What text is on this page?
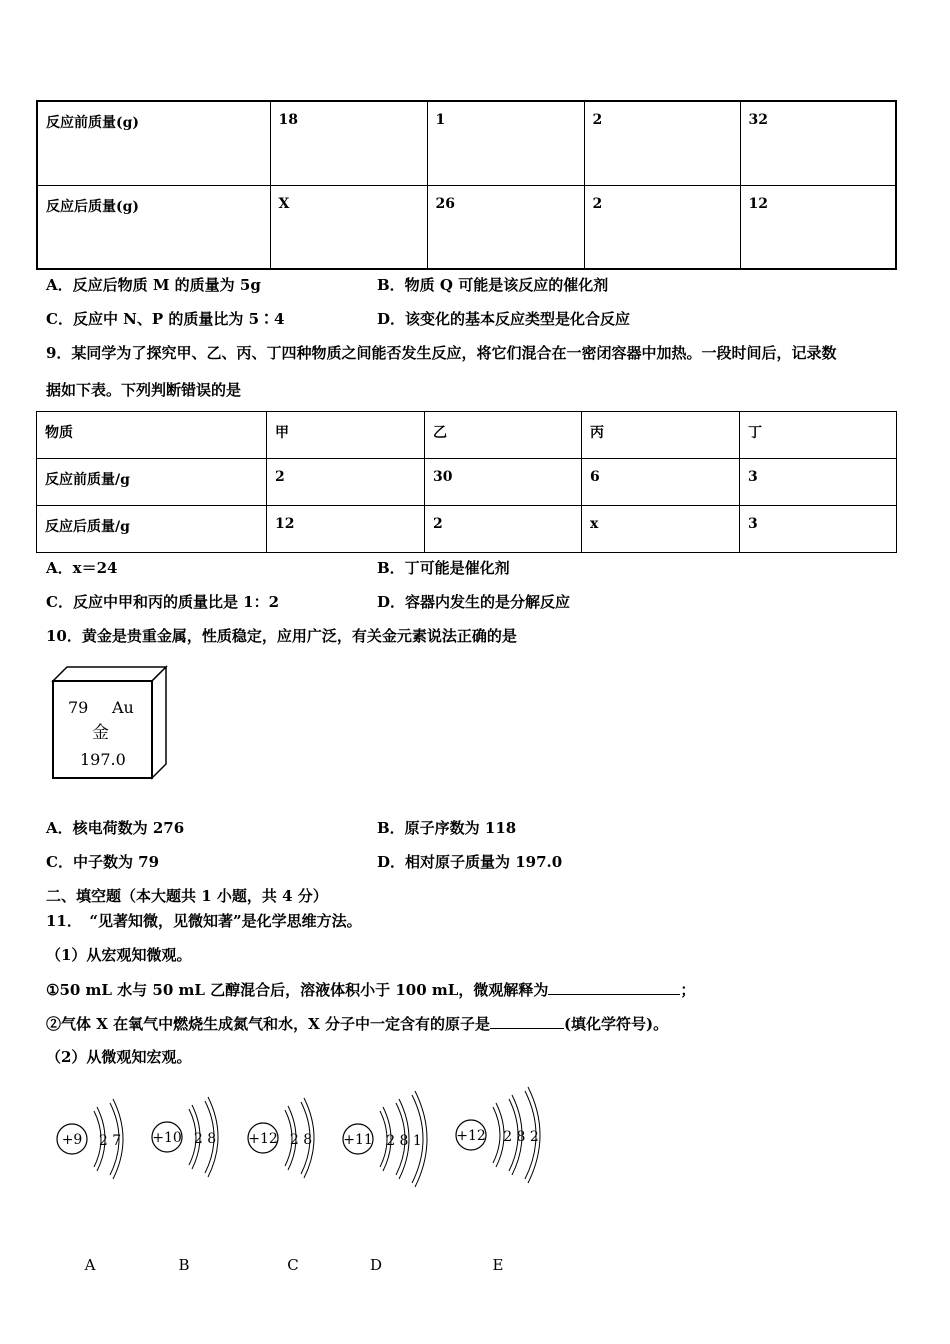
反应前质量(g)	18	1	2	32
反应后质量(g)	X	26	2	12
A．反应后物质 M 的质量为 5g	B．物质 Q 可能是该反应的催化剂
C．反应中 N、P 的质量比为 5∶4	D．该变化的基本反应类型是化合反应
9．某同学为了探究甲、乙、丙、丁四种物质之间能否发生反应，将它们混合在一密闭容器中加热。一段时间后，记录数
据如下表。下列判断错误的是
物质	甲	乙	丙	丁
反应前质量/g	2	30	6	3
反应后质量/g	12	2	x	3
A．x＝24	B．丁可能是催化剂
C．反应中甲和丙的质量比是 1：2	D．容器内发生的是分解反应
10．黄金是贵重金属，性质稳定，应用广泛，有关金元素说法正确的是
79 Au
金
197.0
A．核电荷数为 276	B．原子序数为 118
C．中子数为 79	D．相对原子质量为 197.0
二、填空题（本大题共 1 小题，共 4 分）
11．　“见著知微，见微知著”是化学思维方法。
（1）从宏观知微观。
①50 mL 水与 50 mL 乙醇混合后，溶液体积小于 100 mL，微观解释为	；
②气体 X 在氧气中燃烧生成氮气和水，X 分子中一定含有的原子是	(填化学符号)。
（2）从微观知宏观。
+9 2 7
A
+10 2 8
B
+12 2 8
C
+11 2 8 1
D
+12 2 8 2
E
